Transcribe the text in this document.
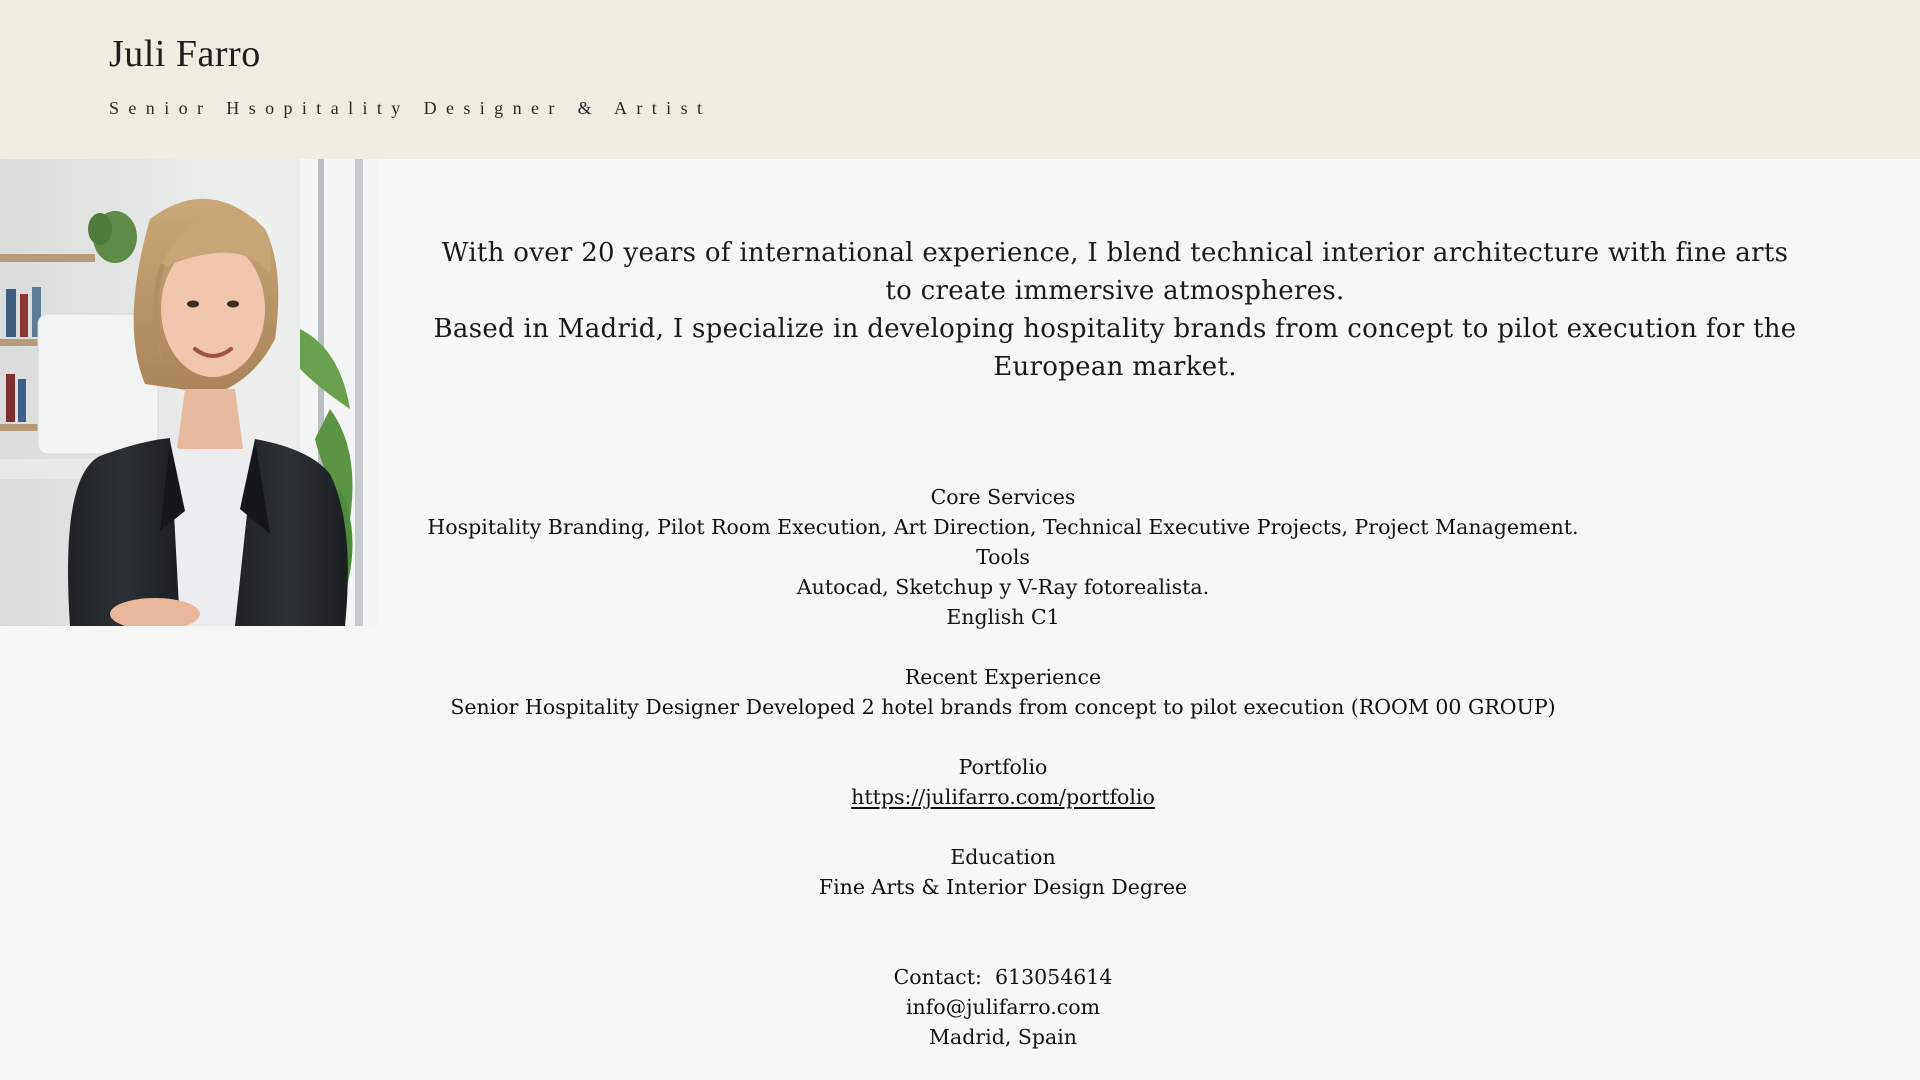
Juli Farro
Senior Hsopitality Designer & Artist

With over 20 years of international experience, I blend technical interior architecture with fine arts to create immersive atmospheres.

Based in Madrid, I specialize in developing hospitality brands from concept to pilot execution for the European market.

Core Services
Hospitality Branding, Pilot Room Execution, Art Direction, Technical Executive Projects, Project Management.
Tools
Autocad, Sketchup y V-Ray fotorealista.
English C1
Recent Experience
Senior Hospitality Designer Developed 2 hotel brands from concept to pilot execution (ROOM 00 GROUP)
Portfolio
https://julifarro.com/portfolio
Education
Fine Arts & Interior Design Degree
Contact: 613054614
info@julifarro.com
Madrid, Spain
